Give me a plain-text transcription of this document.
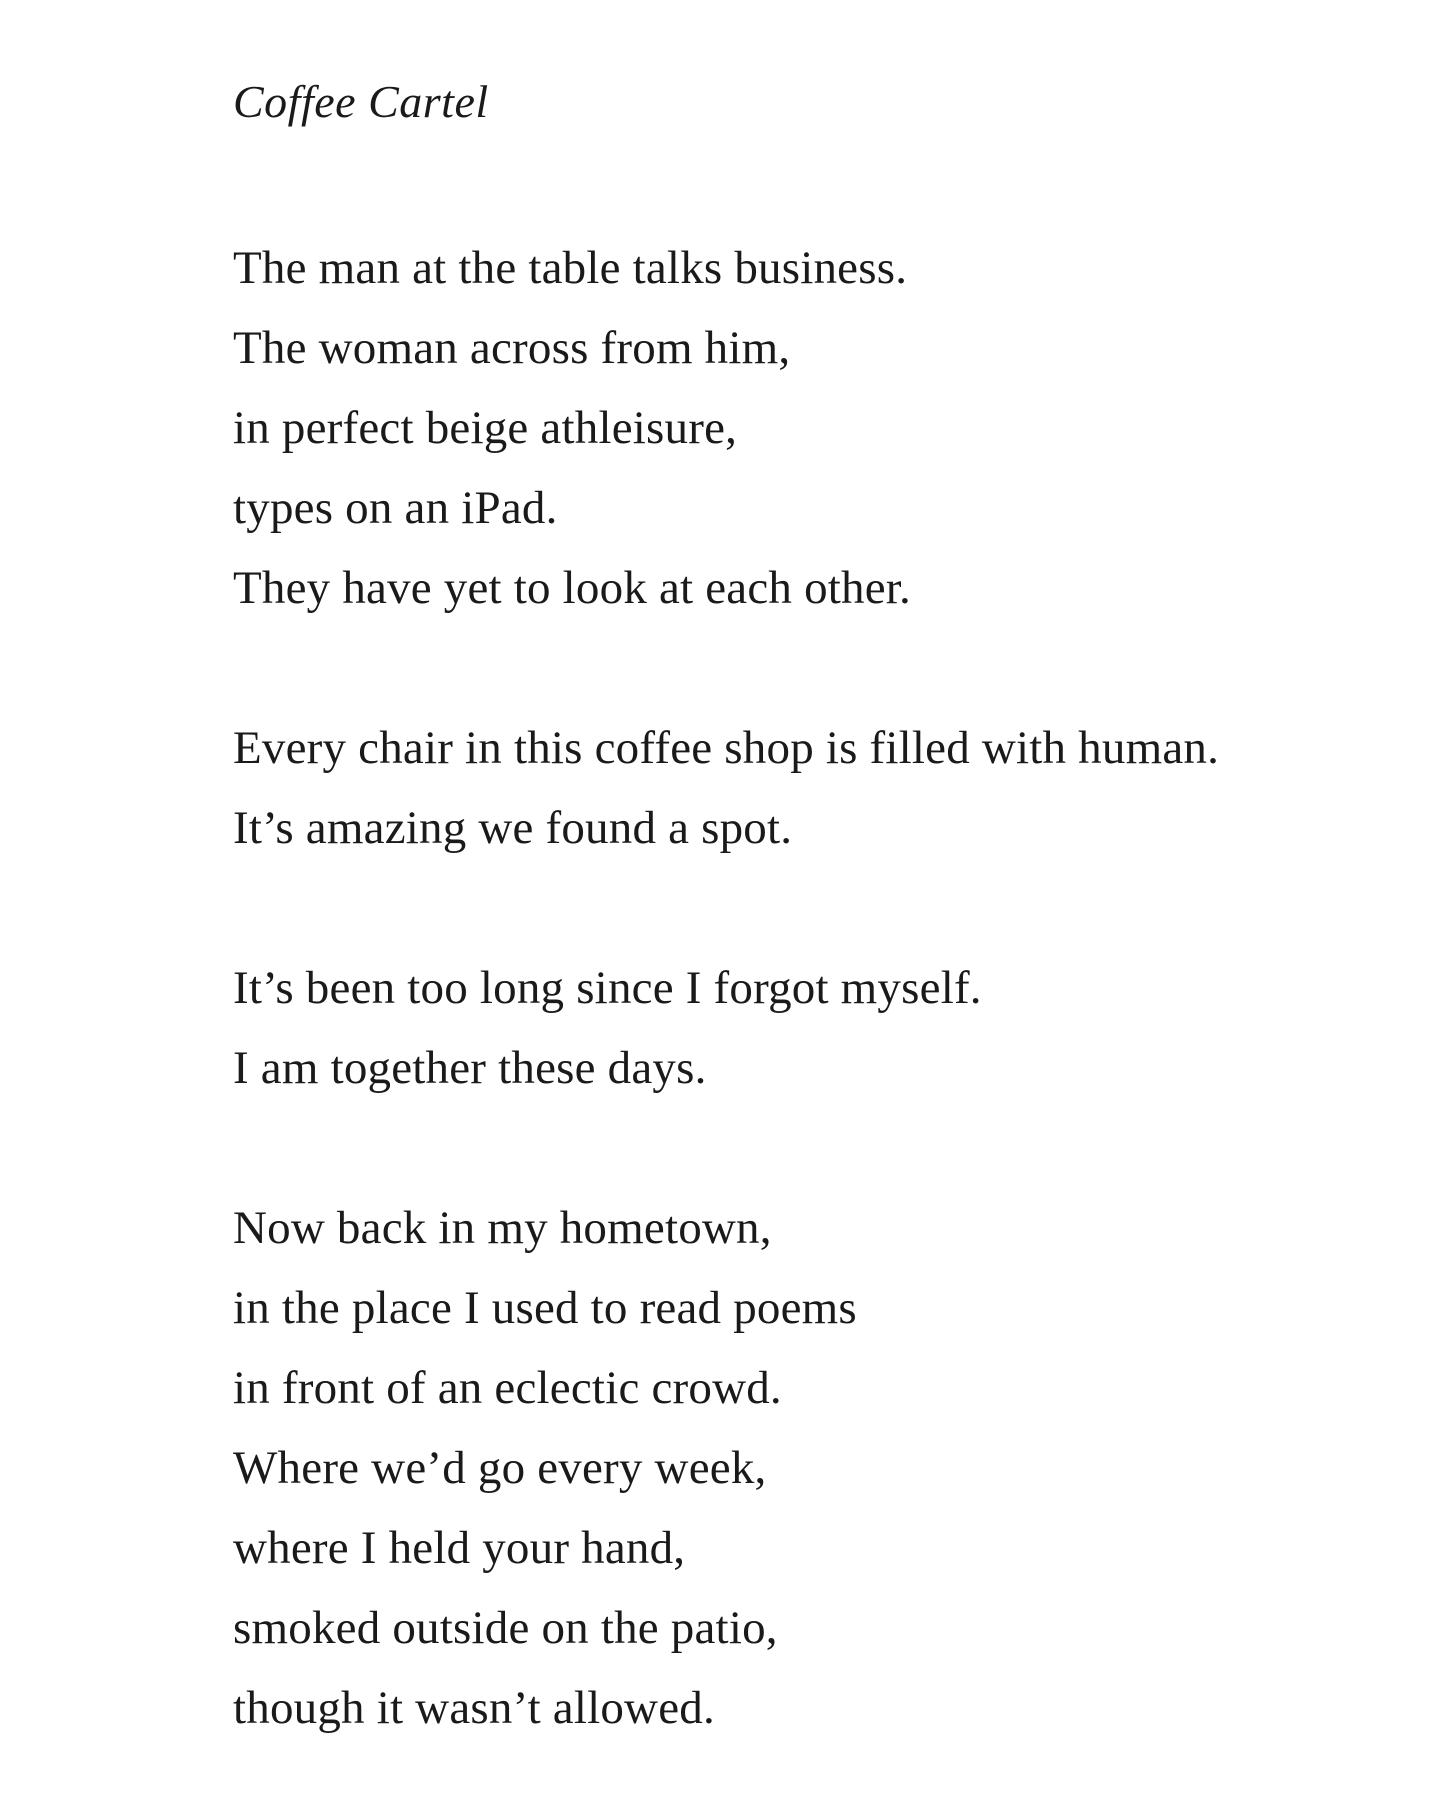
Coffee Cartel
The man at the table talks business.
The woman across from him,
in perfect beige athleisure,
types on an iPad.
They have yet to look at each other.
Every chair in this coffee shop is filled with human.
It’s amazing we found a spot.
It’s been too long since I forgot myself.
I am together these days.
Now back in my hometown,
in the place I used to read poems
in front of an eclectic crowd.
Where we’d go every week,
where I held your hand,
smoked outside on the patio,
though it wasn’t allowed.
